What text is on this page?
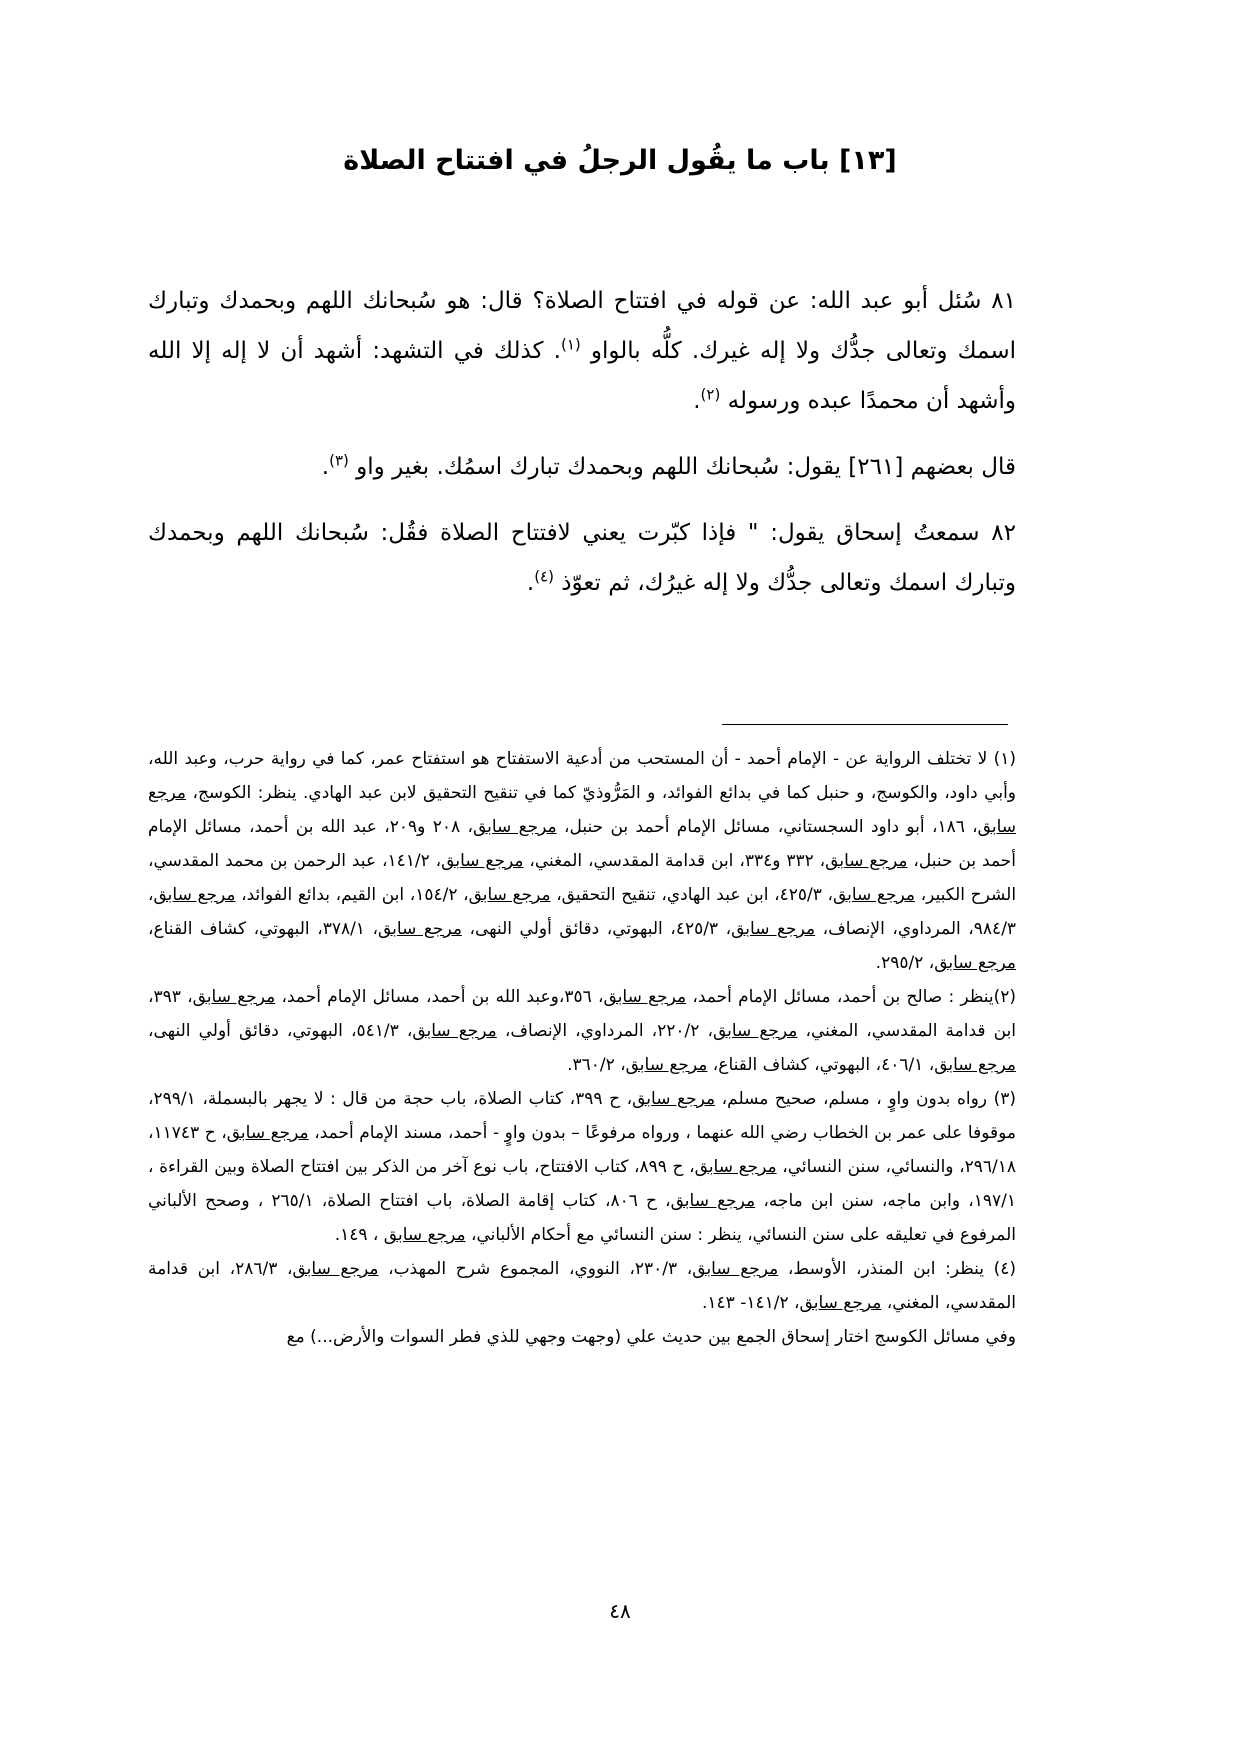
[١٣] باب ما يقُول الرجلُ في افتتاح الصلاة

٨١ سُئل أبو عبد الله: عن قوله في افتتاح الصلاة؟ قال: هو سُبحانك اللهم وبحمدك وتبارك اسمك وتعالى جدُّك ولا إله غيرك. كلُّه بالواو $^{(١)}$. كذلك في التشهد: أشهد أن لا إله إلا الله وأشهد أن محمدًا عبده ورسوله $^{(٢)}$.

قال بعضهم [٢٦١] يقول: سُبحانك اللهم وبحمدك تبارك اسمُك. بغير واو $^{(٣)}$.

٨٢ سمعتُ إسحاق يقول: " فإذا كبّرت يعني لافتتاح الصلاة فقُل: سُبحانك اللهم وبحمدك وتبارك اسمك وتعالى جدُّك ولا إله غيرُك، ثم تعوّذ $^{(٤)}$.

(١) لا تختلف الرواية عن - الإمام أحمد - أن المستحب من أدعية الاستفتاح هو استفتاح عمر، كما في رواية حرب، وعبد الله، وأبي داود، والكوسج، و حنبل كما في بدائع الفوائد، و المَرُّوذيّ كما في تنقيح التحقيق لابن عبد الهادي. ينظر: الكوسج، مرجع سابق، ١٨٦، أبو داود السجستاني، مسائل الإمام أحمد بن حنبل، مرجع سابق، ٢٠٨ و٢٠٩، عبد الله بن أحمد، مسائل الإمام أحمد بن حنبل، مرجع سابق، ٣٣٢ و٣٣٤، ابن قدامة المقدسي، المغني، مرجع سابق، ١٤١/٢، عبد الرحمن بن محمد المقدسي، الشرح الكبير، مرجع سابق، ٤٢٥/٣، ابن عبد الهادي، تنقيح التحقيق، مرجع سابق، ١٥٤/٢، ابن القيم، بدائع الفوائد، مرجع سابق، ٩٨٤/٣، المرداوي، الإنصاف، مرجع سابق، ٤٢٥/٣، البهوتي، دقائق أولي النهى، مرجع سابق، ٣٧٨/١، البهوتي، كشاف القناع، مرجع سابق، ٢٩٥/٢.

(٢)ينظر : صالح بن أحمد، مسائل الإمام أحمد، مرجع سابق، ٣٥٦،وعبد الله بن أحمد، مسائل الإمام أحمد، مرجع سابق، ٣٩٣، ابن قدامة المقدسي، المغني، مرجع سابق، ٢٢٠/٢، المرداوي، الإنصاف، مرجع سابق، ٥٤١/٣، البهوتي، دقائق أولي النهى، مرجع سابق، ٤٠٦/١، البهوتي، كشاف القناع، مرجع سابق، ٣٦٠/٢.

(٣) رواه بدون واوٍ ، مسلم، صحيح مسلم، مرجع سابق، ح ٣٩٩، كتاب الصلاة، باب حجة من قال : لا يجهر بالبسملة، ٢٩٩/١، موقوفا على عمر بن الخطاب رضي الله عنهما ، ورواه مرفوعًا – بدون واوٍ - أحمد، مسند الإمام أحمد، مرجع سابق، ح ١١٧٤٣، ٢٩٦/١٨، والنسائي، سنن النسائي، مرجع سابق، ح ٨٩٩، كتاب الافتتاح، باب نوع آخر من الذكر بين افتتاح الصلاة وبين القراءة ، ١٩٧/١، وابن ماجه، سنن ابن ماجه، مرجع سابق، ح ٨٠٦، كتاب إقامة الصلاة، باب افتتاح الصلاة، ٢٦٥/١ ، وصحح الألباني المرفوع في تعليقه على سنن النسائي، ينظر : سنن النسائي مع أحكام الألباني، مرجع سابق ، ١٤٩.

(٤) ينظر: ابن المنذر، الأوسط، مرجع سابق، ٢٣٠/٣، النووي، المجموع شرح المهذب، مرجع سابق، ٢٨٦/٣، ابن قدامة المقدسي، المغني، مرجع سابق، ١٤١/٢- ١٤٣.

وفي مسائل الكوسج اختار إسحاق الجمع بين حديث علي (وجهت وجهي للذي فطر السوات والأرض...) مع

٤٨
